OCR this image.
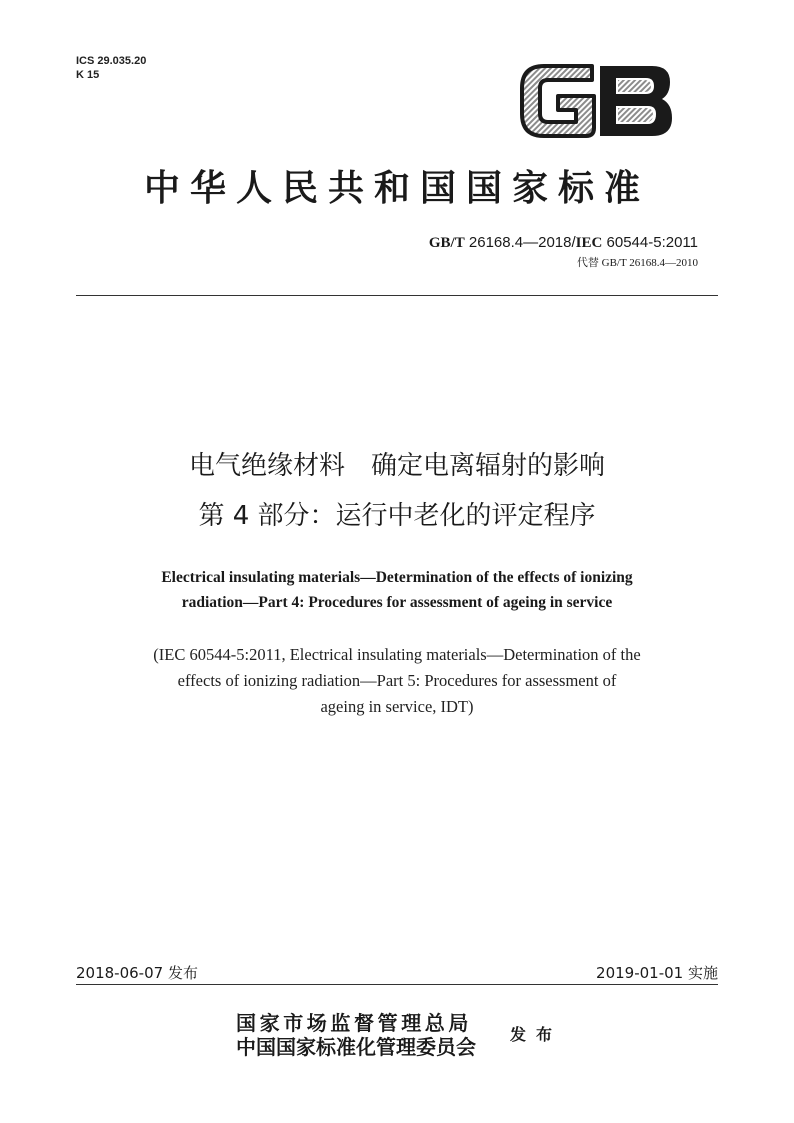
ICS 29.035.20
K 15
中华人民共和国国家标准
GB/T 26168.4—2018/IEC 60544-5:2011
代替 GB/T 26168.4—2010
电气绝缘材料　确定电离辐射的影响
第 4 部分：运行中老化的评定程序
Electrical insulating materials—Determination of the effects of ionizing
radiation—Part 4: Procedures for assessment of ageing in service
(IEC 60544-5:2011, Electrical insulating materials—Determination of the
effects of ionizing radiation—Part 5: Procedures for assessment of
ageing in service, IDT)
2018-06-07 发布	2019-01-01 实施
国家市场监督管理总局
中国国家标准化管理委员会
发布
